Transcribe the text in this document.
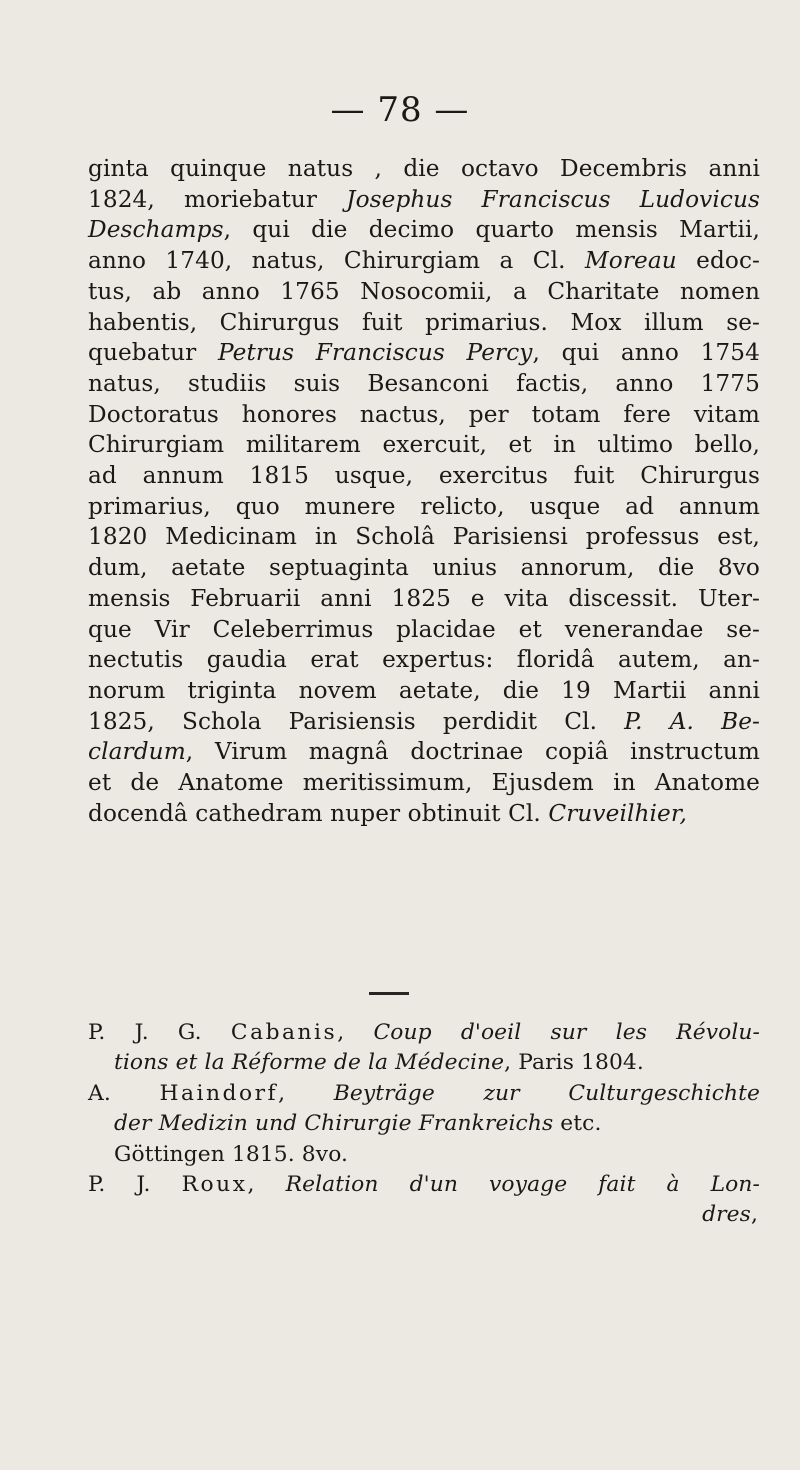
— 78 —
ginta quinque natus , die octavo Decembris anni
1824, moriebatur Josephus Franciscus Ludovicus
Deschamps, qui die decimo quarto mensis Martii,
anno 1740, natus, Chirurgiam a Cl. Moreau edoc-
tus, ab anno 1765 Nosocomii, a Charitate nomen
habentis, Chirurgus fuit primarius. Mox illum se-
quebatur Petrus Franciscus Percy, qui anno 1754
natus, studiis suis Besanconi factis, anno 1775
Doctoratus honores nactus, per totam fere vitam
Chirurgiam militarem exercuit, et in ultimo bello,
ad annum 1815 usque, exercitus fuit Chirurgus
primarius, quo munere relicto, usque ad annum
1820 Medicinam in Scholâ Parisiensi professus est,
dum, aetate septuaginta unius annorum, die 8vo
mensis Februarii anni 1825 e vita discessit. Uter-
que Vir Celeberrimus placidae et venerandae se-
nectutis gaudia erat expertus: floridâ autem, an-
norum triginta novem aetate, die 19 Martii anni
1825, Schola Parisiensis perdidit Cl. P. A. Be-
clardum, Virum magnâ doctrinae copiâ instructum
et de Anatome meritissimum, Ejusdem in Anatome
docendâ cathedram nuper obtinuit Cl. Cruveilhier,
P. J. G. Cabanis, Coup d'oeil sur les Révolu-
tions et la Réforme de la Médecine, Paris 1804.
A. Haindorf, Beyträge zur Culturgeschichte
der Medizin und Chirurgie Frankreichs etc.
Göttingen 1815. 8vo.
P. J. Roux, Relation d'un voyage fait à Lon-
dres,
